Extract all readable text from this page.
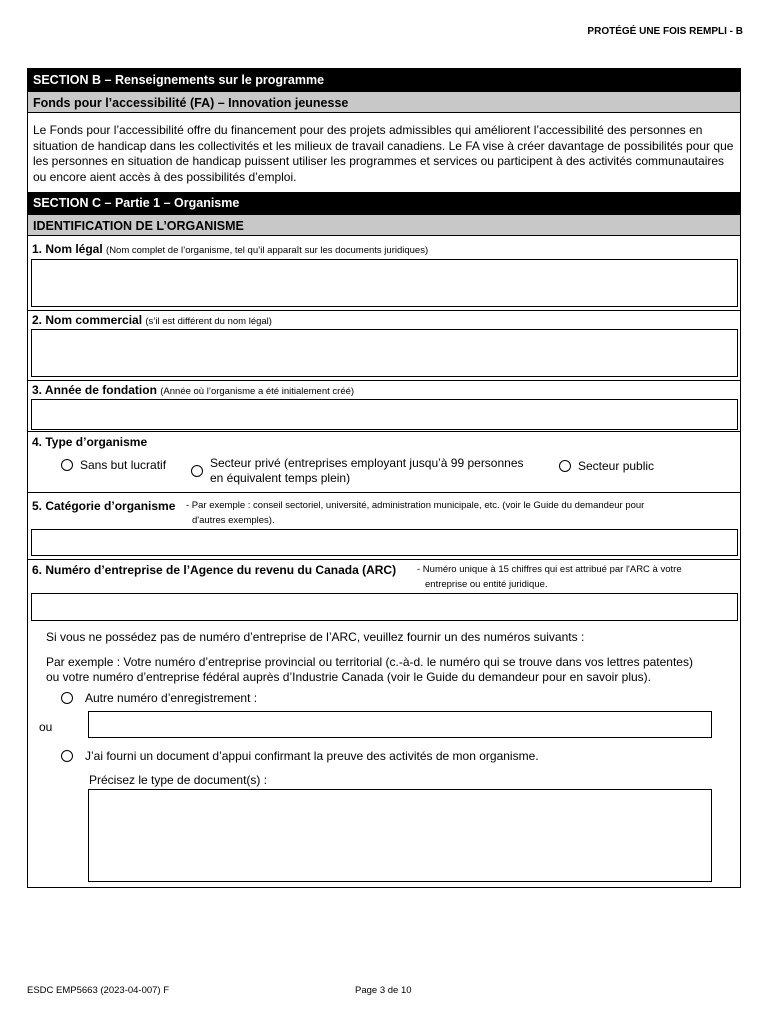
PROTÉGÉ UNE FOIS REMPLI - B
SECTION B – Renseignements sur le programme
Fonds pour l’accessibilité (FA) – Innovation jeunesse
Le Fonds pour l’accessibilité offre du financement pour des projets admissibles qui améliorent l’accessibilité des personnes en situation de handicap dans les collectivités et les milieux de travail canadiens. Le FA vise à créer davantage de possibilités pour que les personnes en situation de handicap puissent utiliser les programmes et services ou participent à des activités communautaires ou encore aient accès à des possibilités d’emploi.
SECTION C – Partie 1 – Organisme
IDENTIFICATION DE L’ORGANISME
1. Nom légal (Nom complet de l’organisme, tel qu’il apparaît sur les documents juridiques)
2. Nom commercial (s’il est différent du nom légal)
3. Année de fondation (Année où l’organisme a été initialement créé)
4. Type d’organisme
Sans but lucratif	Secteur privé (entreprises employant jusqu’à 99 personnes
en équivalent temps plein)
Secteur public
5. Catégorie d’organisme - Par exemple : conseil sectoriel, université, administration municipale, etc. (voir le Guide du demandeur pour
d'autres exemples).
6. Numéro d’entreprise de l’Agence du revenu du Canada (ARC) - Numéro unique à 15 chiffres qui est attribué par l'ARC à votre
entreprise ou entité juridique.
Si vous ne possédez pas de numéro d’entreprise de l’ARC, veuillez fournir un des numéros suivants :
Par exemple : Votre numéro d’entreprise provincial ou territorial (c.-à-d. le numéro qui se trouve dans vos lettres patentes)
ou votre numéro d’entreprise fédéral auprès d’Industrie Canada (voir le Guide du demandeur pour en savoir plus).
Autre numéro d’enregistrement :
ou
J’ai fourni un document d’appui confirmant la preuve des activités de mon organisme.
Précisez le type de document(s) :
ESDC EMP5663 (2023-04-007) F	Page 3 de 10
